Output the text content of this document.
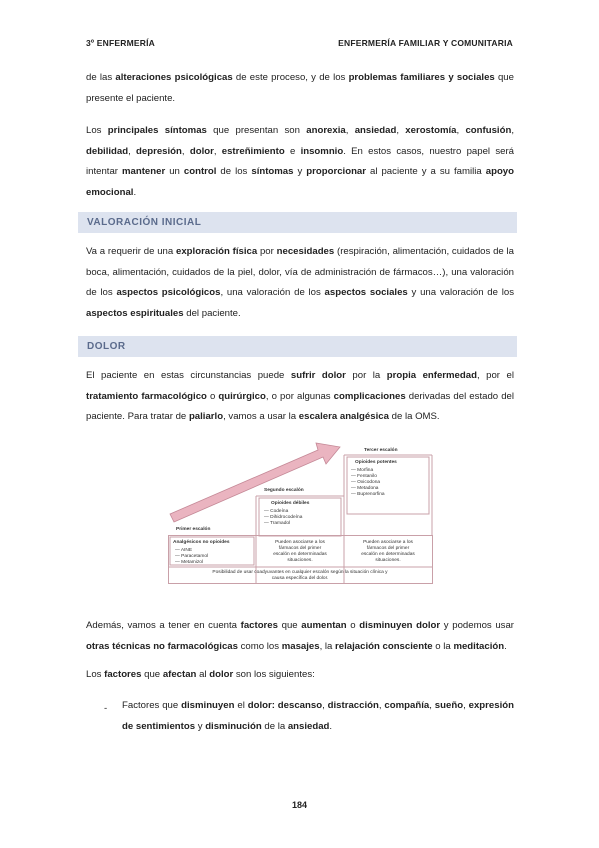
3º ENFERMERÍA	ENFERMERÍA FAMILIAR Y COMUNITARIA
de las alteraciones psicológicas de este proceso, y de los problemas familiares y sociales que presente el paciente.
Los principales síntomas que presentan son anorexia, ansiedad, xerostomía, confusión, debilidad, depresión, dolor, estreñimiento e insomnio. En estos casos, nuestro papel será intentar mantener un control de los síntomas y proporcionar al paciente y a su familia apoyo emocional.
VALORACIÓN INICIAL
Va a requerir de una exploración física por necesidades (respiración, alimentación, cuidados de la boca, alimentación, cuidados de la piel, dolor, vía de administración de fármacos…), una valoración de los aspectos psicológicos, una valoración de los aspectos sociales y una valoración de los aspectos espirituales del paciente.
DOLOR
El paciente en estas circunstancias puede sufrir dolor por la propia enfermedad, por el tratamiento farmacológico o quirúrgico, o por algunas complicaciones derivadas del estado del paciente. Para tratar de paliarlo, vamos a usar la escalera analgésica de la OMS.
Primer escalón
Segundo escalón
Tercer escalón
Analgésicos no opioides
— AINE
— Paracetamol
— Metamizol
Opioides débiles
— Codeína
— Dihidrocodeína
— Tramadol
Opioides potentes
— Morfina
— Fentanilo
— Oxicodona
— Metadona
— Buprenorfina
Pueden asociarse a los
fármacos del primer
escalón en determinadas
situaciones.
Pueden asociarse a los
fármacos del primer
escalón en determinadas
situaciones.
Posibilidad de usar coadyuvantes en cualquier escalón según la situación clínica y
causa específica del dolor.
Además, vamos a tener en cuenta factores que aumentan o disminuyen dolor y podemos usar otras técnicas no farmacológicas como los masajes, la relajación consciente o la meditación.
Los factores que afectan al dolor son los siguientes:
- Factores que disminuyen el dolor: descanso, distracción, compañía, sueño, expresión de sentimientos y disminución de la ansiedad.
184
